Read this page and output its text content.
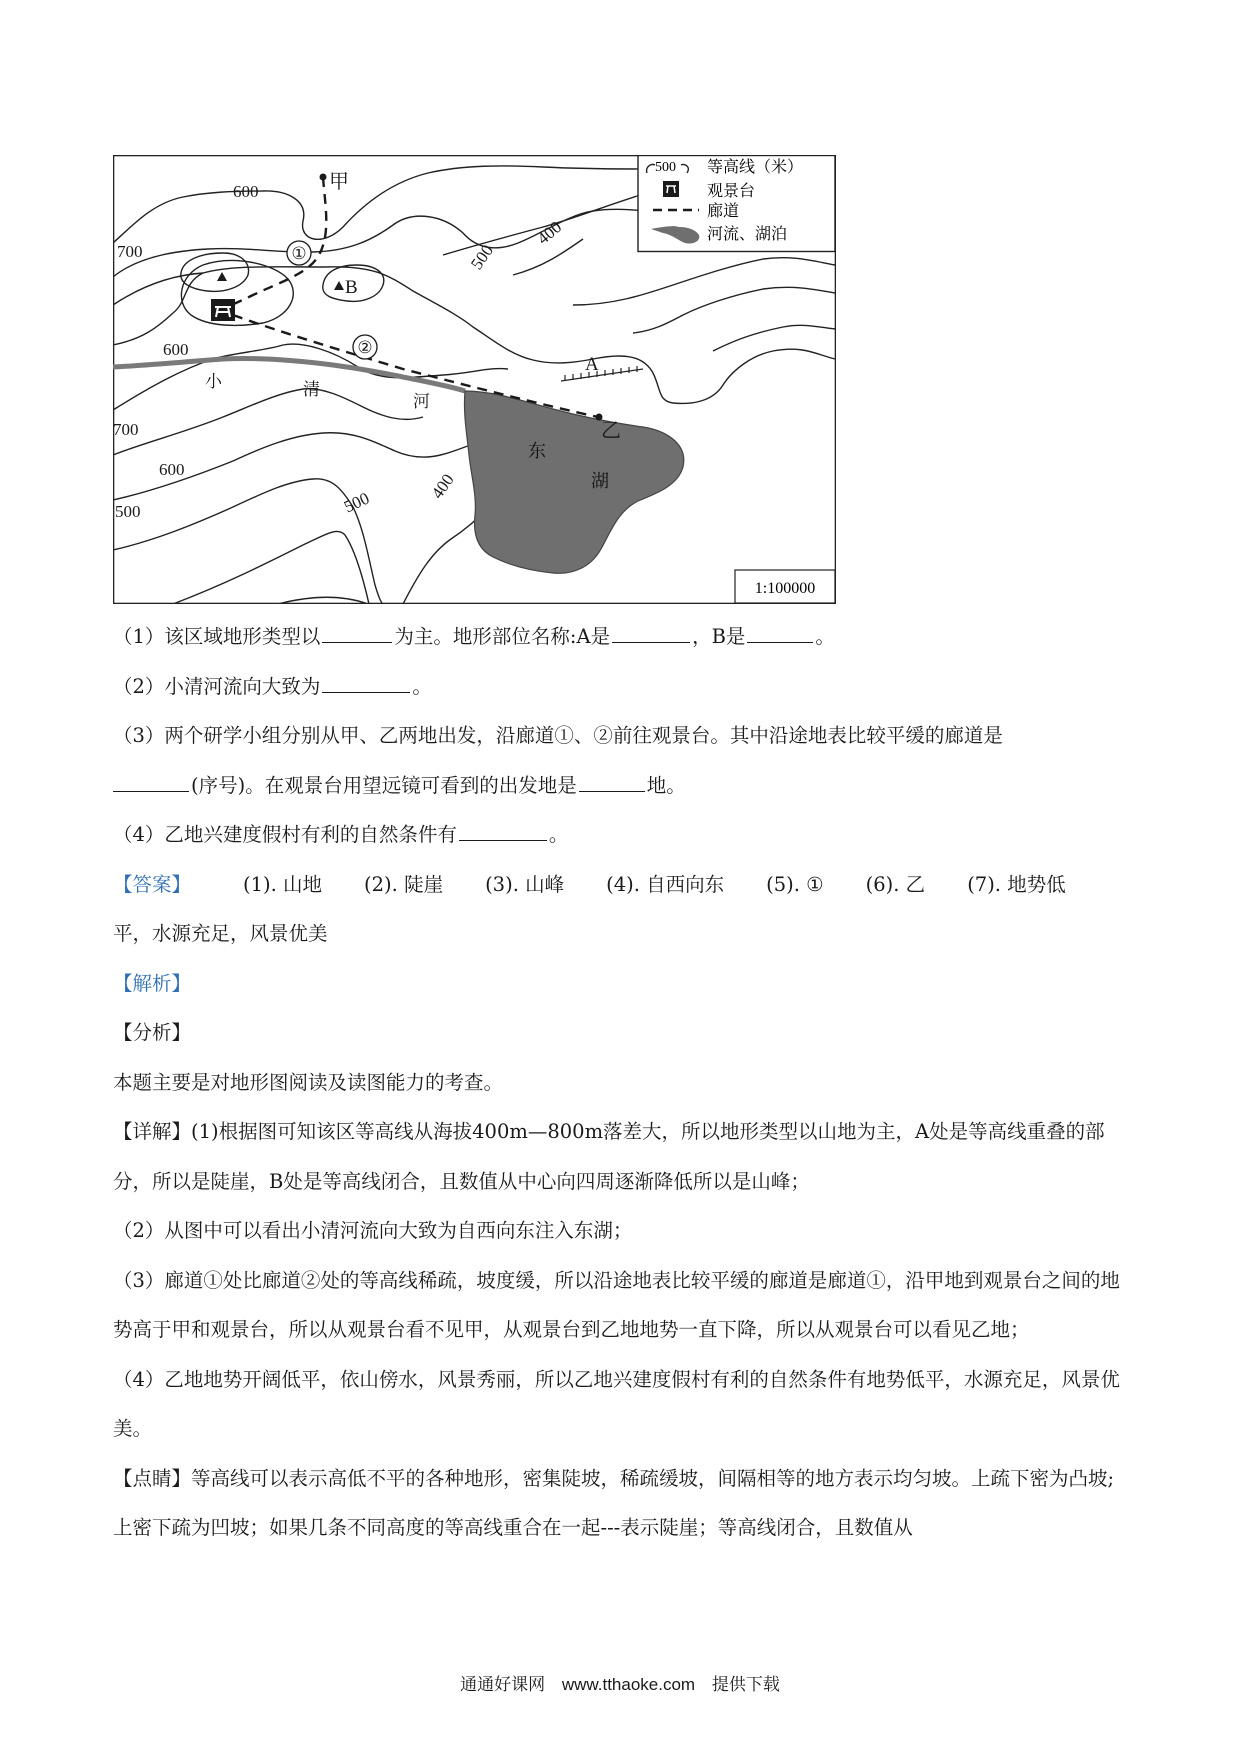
甲
乙
A
B
①
②
小	清
河
东
湖
600
700
600
500
400
700
600
500
400
500
500 等高线（米）
观景台
廊道
河流、湖泊
1:100000

（1）该区域地形类型以	为主。地形部位名称:A是	，B是	。

（2）小清河流向大致为	。

（3）两个研学小组分别从甲、乙两地出发，沿廊道①、②前往观景台。其中沿途地表比较平缓的廊道是
(序号)。在观景台用望远镜可看到的出发地是	地。

（4）乙地兴建度假村有利的自然条件有	。

【答案】	(1). 山地 (2). 陡崖 (3). 山峰 (4). 自西向东 (5). ① (6). 乙 (7). 地势低

平，水源充足，风景优美

【解析】

【分析】

本题主要是对地形图阅读及读图能力的考查。

【详解】(1)根据图可知该区等高线从海拔400m—800m落差大，所以地形类型以山地为主，A处是等高线重叠的部分，所以是陡崖，B处是等高线闭合，且数值从中心向四周逐渐降低所以是山峰；

（2）从图中可以看出小清河流向大致为自西向东注入东湖；

（3）廊道①处比廊道②处的等高线稀疏，坡度缓，所以沿途地表比较平缓的廊道是廊道①，沿甲地到观景台之间的地势高于甲和观景台，所以从观景台看不见甲，从观景台到乙地地势一直下降，所以从观景台可以看见乙地；

（4）乙地地势开阔低平，依山傍水，风景秀丽，所以乙地兴建度假村有利的自然条件有地势低平，水源充足，风景优美。

【点睛】等高线可以表示高低不平的各种地形，密集陡坡，稀疏缓坡，间隔相等的地方表示均匀坡。上疏下密为凸坡;上密下疏为凹坡；如果几条不同高度的等高线重合在一起---表示陡崖；等高线闭合，且数值从

通通好课网 www.tthaoke.com 提供下载
